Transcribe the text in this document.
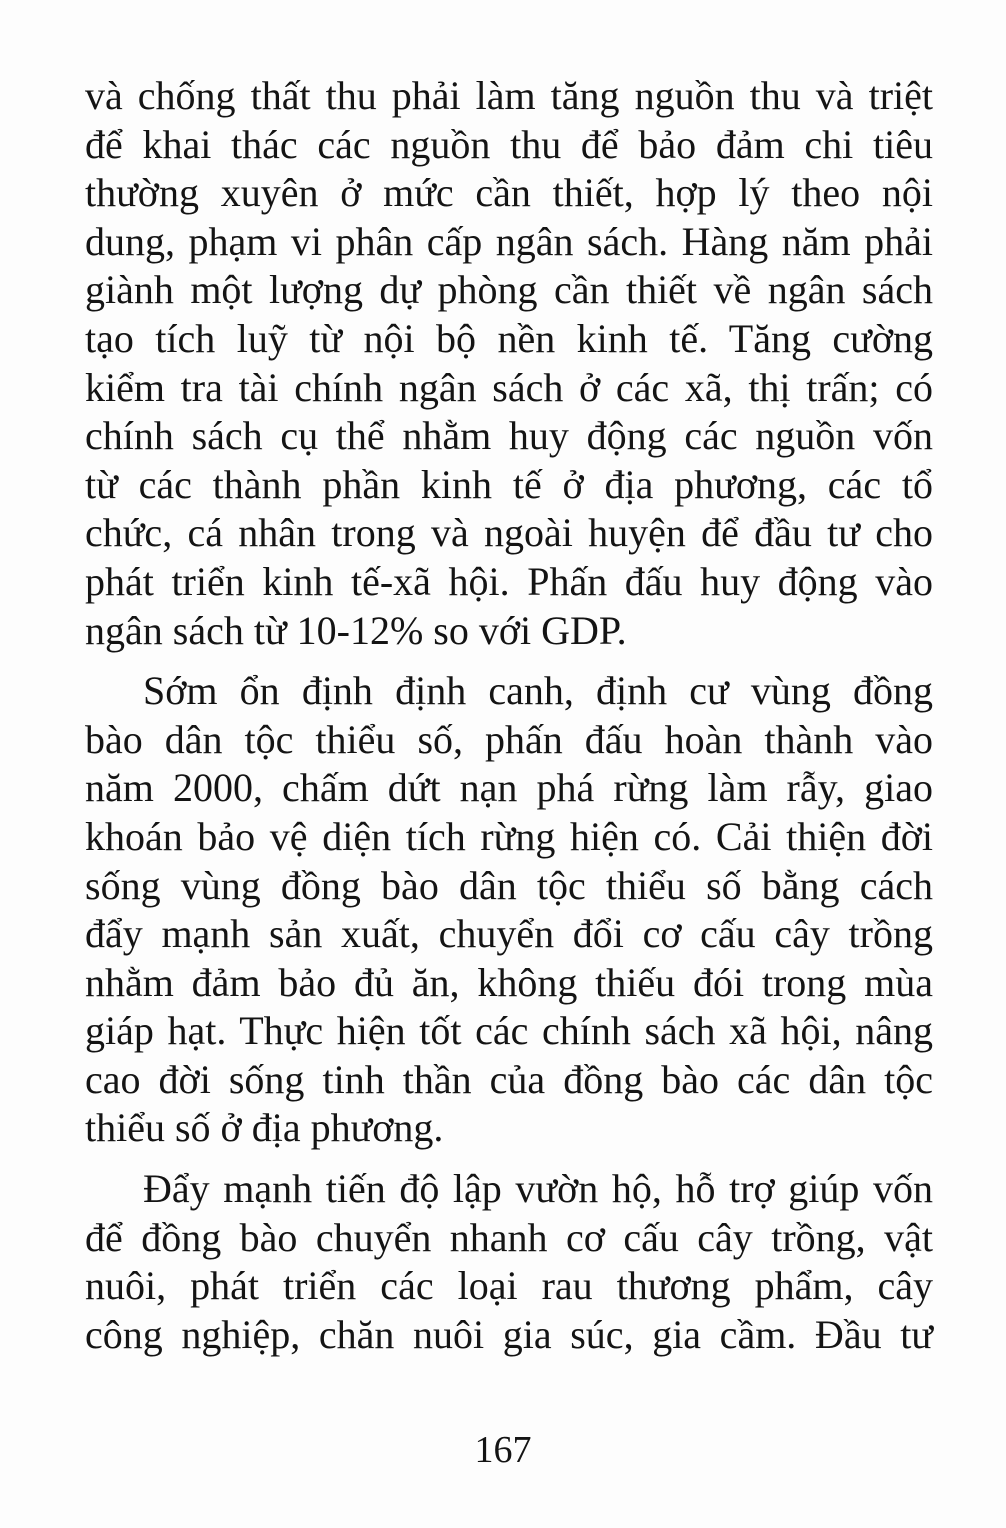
và chống thất thu phải làm tăng nguồn thu và triệt
để khai thác các nguồn thu để bảo đảm chi tiêu
thường xuyên ở mức cần thiết, hợp lý theo nội
dung, phạm vi phân cấp ngân sách. Hàng năm phải
giành một lượng dự phòng cần thiết về ngân sách
tạo tích luỹ từ nội bộ nền kinh tế. Tăng cường
kiểm tra tài chính ngân sách ở các xã, thị trấn; có
chính sách cụ thể nhằm huy động các nguồn vốn
từ các thành phần kinh tế ở địa phương, các tổ
chức, cá nhân trong và ngoài huyện để đầu tư cho
phát triển kinh tế-xã hội. Phấn đấu huy động vào
ngân sách từ 10-12% so với GDP.
Sớm ổn định định canh, định cư vùng đồng
bào dân tộc thiểu số, phấn đấu hoàn thành vào
năm 2000, chấm dứt nạn phá rừng làm rẫy, giao
khoán bảo vệ diện tích rừng hiện có. Cải thiện đời
sống vùng đồng bào dân tộc thiểu số bằng cách
đẩy mạnh sản xuất, chuyển đổi cơ cấu cây trồng
nhằm đảm bảo đủ ăn, không thiếu đói trong mùa
giáp hạt. Thực hiện tốt các chính sách xã hội, nâng
cao đời sống tinh thần của đồng bào các dân tộc
thiểu số ở địa phương.
Đẩy mạnh tiến độ lập vườn hộ, hỗ trợ giúp vốn
để đồng bào chuyển nhanh cơ cấu cây trồng, vật
nuôi, phát triển các loại rau thương phẩm, cây
công nghiệp, chăn nuôi gia súc, gia cầm. Đầu tư
167
